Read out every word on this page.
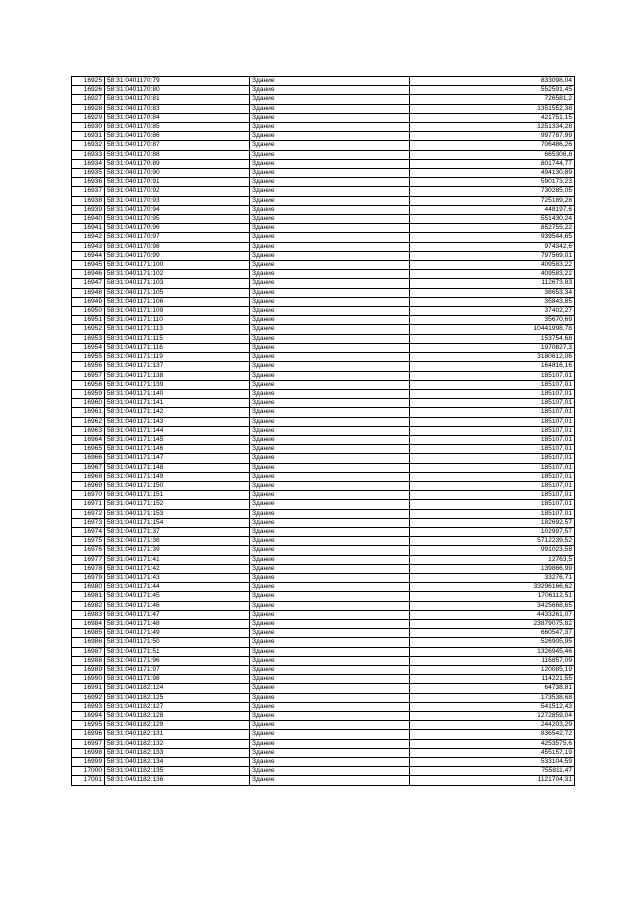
16925	58:31:0401170:79	Здание	833098,04
16926	58:31:0401170:80	Здание	552591,45
16927	58:31:0401170:81	Здание	726581,2
16928	58:31:0401170:83	Здание	1351552,38
16929	58:31:0401170:84	Здание	421751,15
16930	58:31:0401170:85	Здание	1251334,28
16931	58:31:0401170:86	Здание	997787,99
16932	58:31:0401170:87	Здание	706486,26
16933	58:31:0401170:88	Здание	665306,8
16934	58:31:0401170:89	Здание	801744,77
16935	58:31:0401170:90	Здание	494130,89
16936	58:31:0401170:91	Здание	590173,23
16937	58:31:0401170:92	Здание	730285,05
16938	58:31:0401170:93	Здание	725189,28
16939	58:31:0401170:94	Здание	448197,6
16940	58:31:0401170:95	Здание	551430,24
16941	58:31:0401170:96	Здание	852755,22
16942	58:31:0401170:97	Здание	939544,65
16943	58:31:0401170:98	Здание	974342,6
16944	58:31:0401170:99	Здание	797569,01
16945	58:31:0401171:100	Здание	409583,22
16946	58:31:0401171:102	Здание	409583,22
16947	58:31:0401171:103	Здание	112673,83
16948	58:31:0401171:105	Здание	38653,34
16949	58:31:0401171:106	Здание	35843,85
16950	58:31:0401171:109	Здание	37402,27
16951	58:31:0401171:110	Здание	35670,69
16952	58:31:0401171:113	Здание	10441998,78
16953	58:31:0401171:115	Здание	153754,68
16954	58:31:0401171:116	Здание	1970827,3
16955	58:31:0401171:119	Здание	3180612,06
16956	58:31:0401171:137	Здание	164816,16
16957	58:31:0401171:138	Здание	185107,01
16958	58:31:0401171:139	Здание	185107,01
16959	58:31:0401171:140	Здание	185107,01
16960	58:31:0401171:141	Здание	185107,01
16961	58:31:0401171:142	Здание	185107,01
16962	58:31:0401171:143	Здание	185107,01
16963	58:31:0401171:144	Здание	185107,01
16964	58:31:0401171:145	Здание	185107,01
16965	58:31:0401171:146	Здание	185107,01
16966	58:31:0401171:147	Здание	185107,01
16967	58:31:0401171:148	Здание	185107,01
16968	58:31:0401171:149	Здание	185107,01
16969	58:31:0401171:150	Здание	185107,01
16970	58:31:0401171:151	Здание	185107,01
16971	58:31:0401171:152	Здание	185107,01
16972	58:31:0401171:153	Здание	185107,01
16973	58:31:0401171:154	Здание	182692,57
16974	58:31:0401171:37	Здание	102997,57
16975	58:31:0401171:38	Здание	5712239,52
16976	58:31:0401171:39	Здание	991023,58
16977	58:31:0401171:41	Здание	12763,5
16978	58:31:0401171:42	Здание	139866,99
16979	58:31:0401171:43	Здание	33276,71
16980	58:31:0401171:44	Здание	33296166,62
16981	58:31:0401171:45	Здание	1706112,51
16982	58:31:0401171:46	Здание	3425668,65
16983	58:31:0401171:47	Здание	4433261,07
16984	58:31:0401171:48	Здание	23879075,82
16985	58:31:0401171:49	Здание	660547,37
16986	58:31:0401171:50	Здание	526905,95
16987	58:31:0401171:51	Здание	1326945,46
16988	58:31:0401171:96	Здание	116857,09
16989	58:31:0401171:97	Здание	120085,19
16990	58:31:0401171:98	Здание	114221,55
16991	58:31:0401182:124	Здание	64738,81
16992	58:31:0401182:125	Здание	173538,68
16993	58:31:0401182:127	Здание	541512,43
16994	58:31:0401182:128	Здание	1272859,04
16995	58:31:0401182:129	Здание	244203,29
16996	58:31:0401182:131	Здание	836542,72
16997	58:31:0401182:132	Здание	4253575,6
16998	58:31:0401182:133	Здание	455157,19
16999	58:31:0401182:134	Здание	533104,59
17000	58:31:0401182:135	Здание	755811,47
17001	58:31:0401182:136	Здание	1121704,31
